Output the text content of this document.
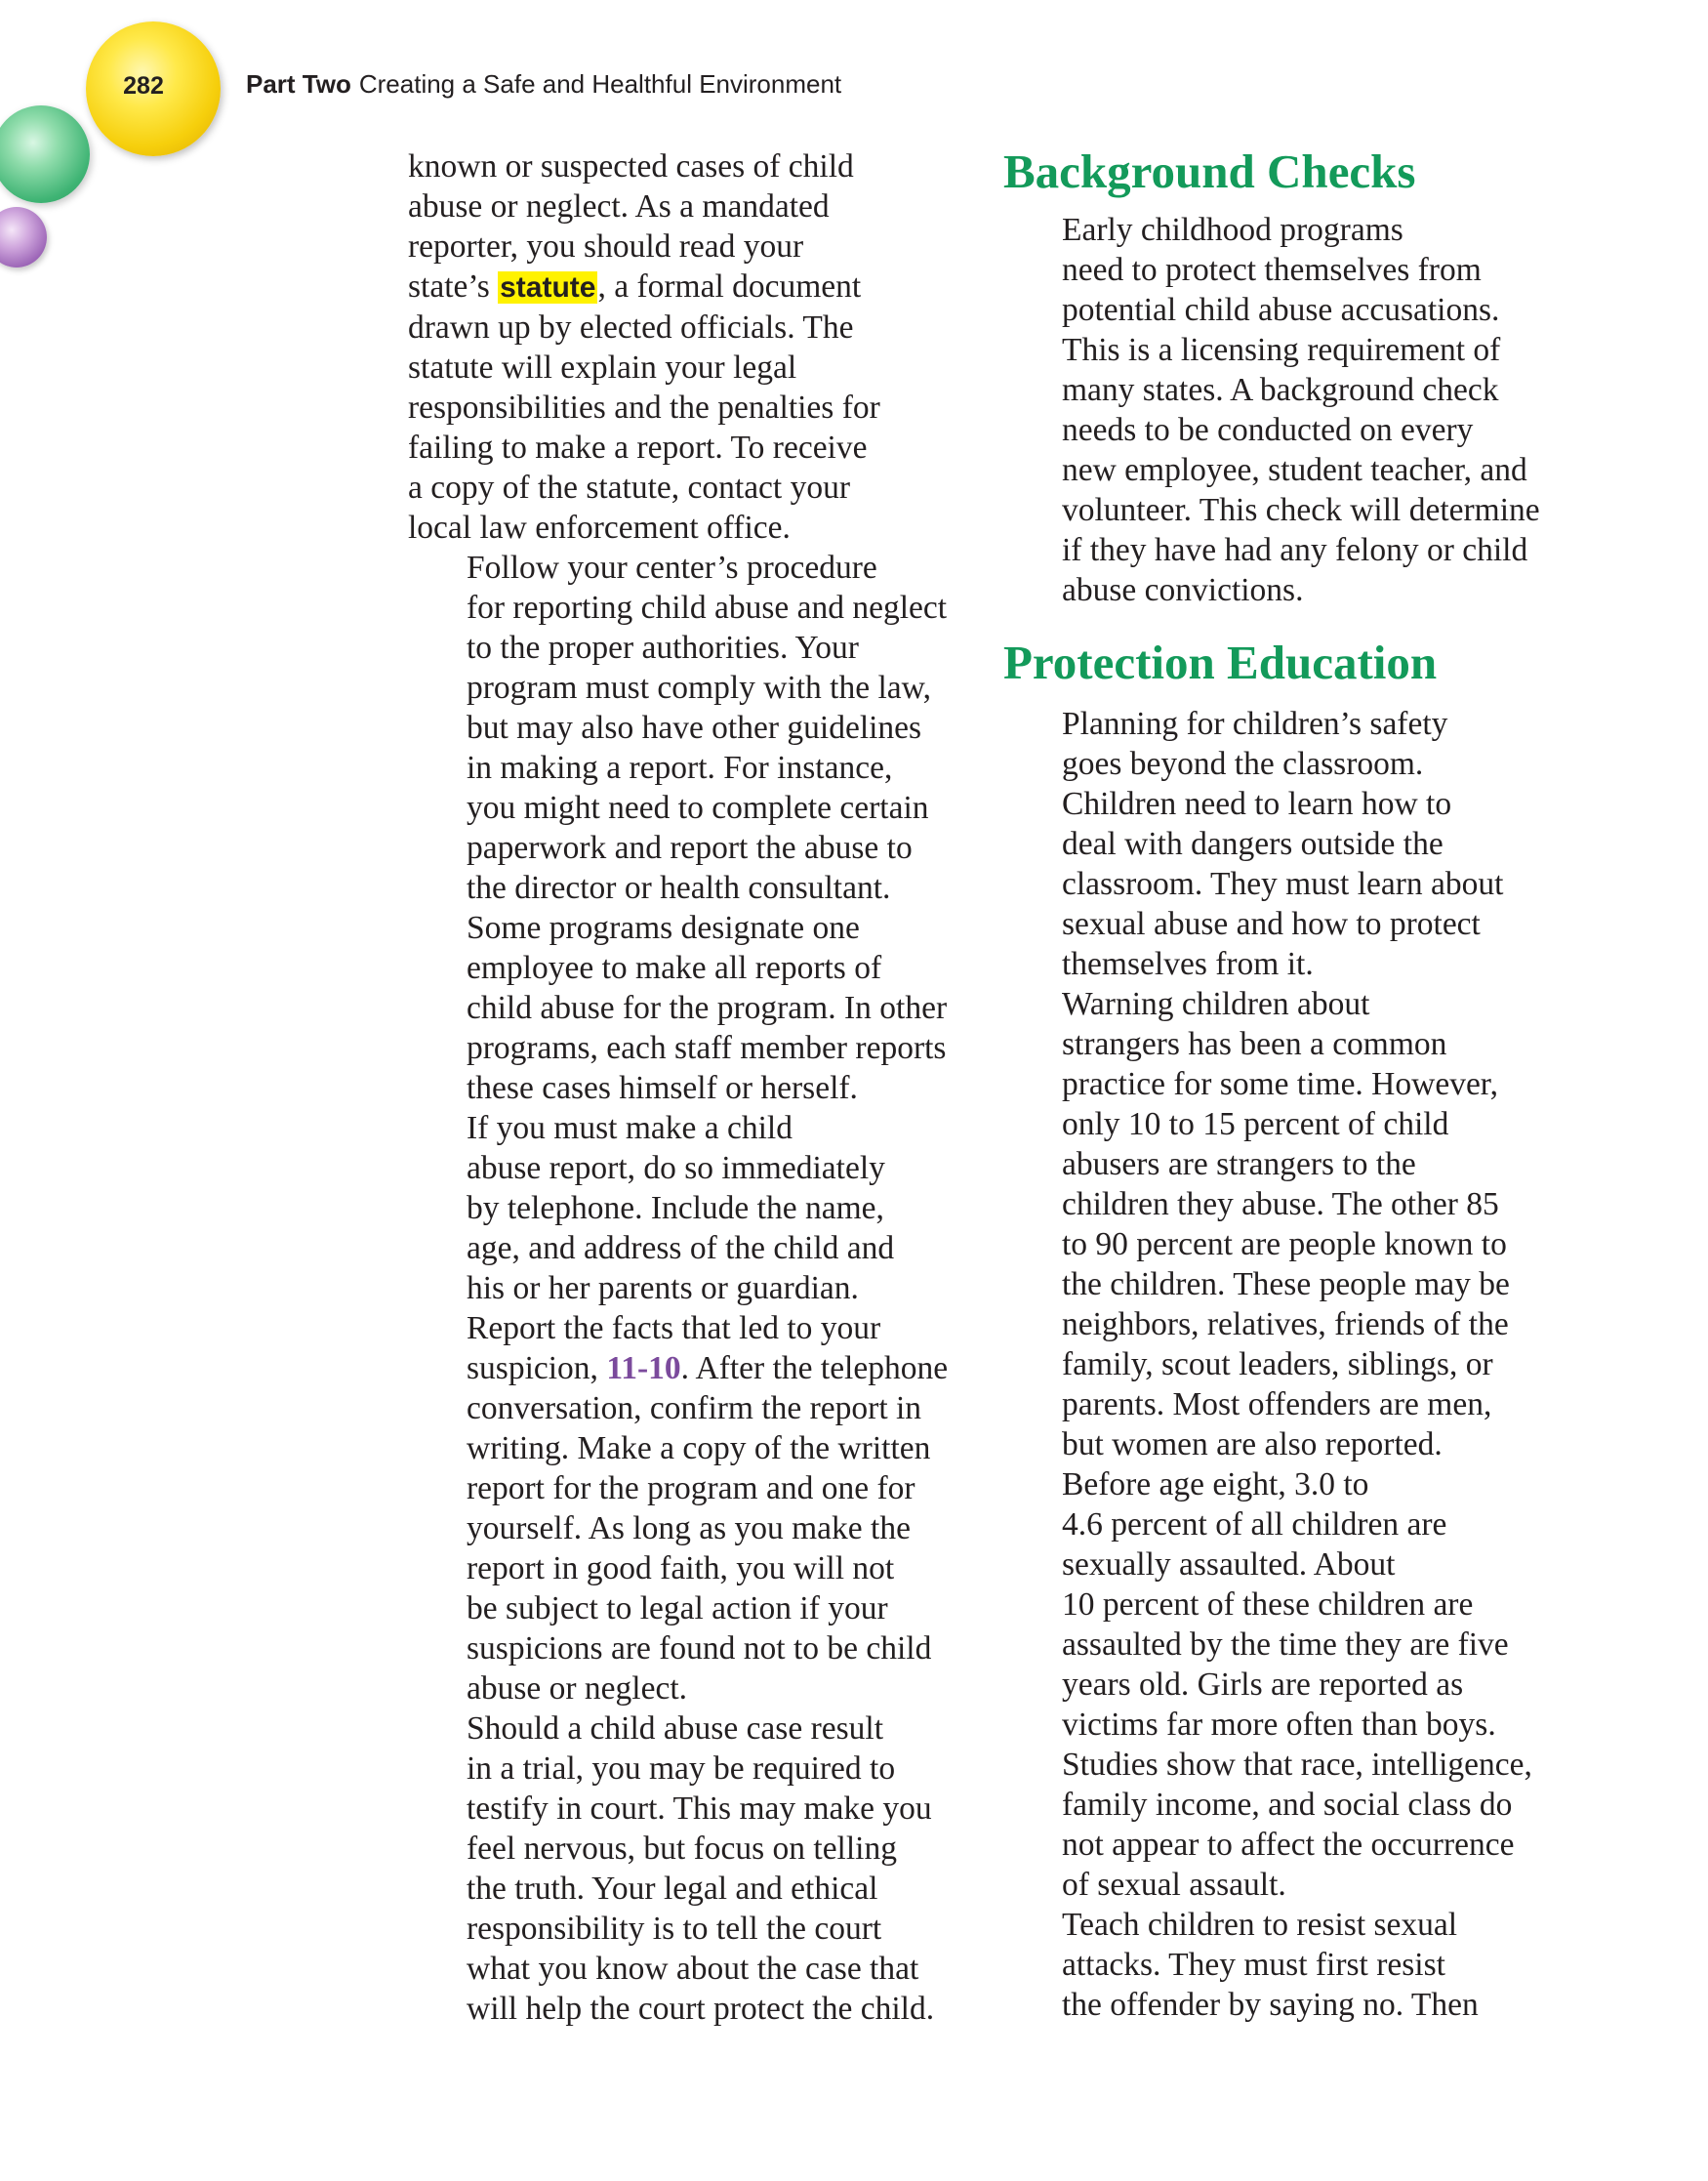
282	Part Two Creating a Safe and Healthful Environment

known or suspected cases of child
abuse or neglect. As a mandated
reporter, you should read your
state’s statute, a formal document
drawn up by elected officials. The
statute will explain your legal
responsibilities and the penalties for
failing to make a report. To receive
a copy of the statute, contact your
local law enforcement office.

Follow your center’s procedure
for reporting child abuse and neglect
to the proper authorities. Your
program must comply with the law,
but may also have other guidelines
in making a report. For instance,
you might need to complete certain
paperwork and report the abuse to
the director or health consultant.
Some programs designate one
employee to make all reports of
child abuse for the program. In other
programs, each staff member reports
these cases himself or herself.

If you must make a child
abuse report, do so immediately
by telephone. Include the name,
age, and address of the child and
his or her parents or guardian.
Report the facts that led to your
suspicion, 11-10. After the telephone
conversation, confirm the report in
writing. Make a copy of the written
report for the program and one for
yourself. As long as you make the
report in good faith, you will not
be subject to legal action if your
suspicions are found not to be child
abuse or neglect.

Should a child abuse case result
in a trial, you may be required to
testify in court. This may make you
feel nervous, but focus on telling
the truth. Your legal and ethical
responsibility is to tell the court
what you know about the case that
will help the court protect the child.

Background Checks

Early childhood programs
need to protect themselves from
potential child abuse accusations.
This is a licensing requirement of
many states. A background check
needs to be conducted on every
new employee, student teacher, and
volunteer. This check will determine
if they have had any felony or child
abuse convictions.

Protection Education

Planning for children’s safety
goes beyond the classroom.
Children need to learn how to
deal with dangers outside the
classroom. They must learn about
sexual abuse and how to protect
themselves from it.

Warning children about
strangers has been a common
practice for some time. However,
only 10 to 15 percent of child
abusers are strangers to the
children they abuse. The other 85
to 90 percent are people known to
the children. These people may be
neighbors, relatives, friends of the
family, scout leaders, siblings, or
parents. Most offenders are men,
but women are also reported.

Before age eight, 3.0 to
4.6 percent of all children are
sexually assaulted. About
10 percent of these children are
assaulted by the time they are five
years old. Girls are reported as
victims far more often than boys.
Studies show that race, intelligence,
family income, and social class do
not appear to affect the occurrence
of sexual assault.

Teach children to resist sexual
attacks. They must first resist
the offender by saying no. Then
